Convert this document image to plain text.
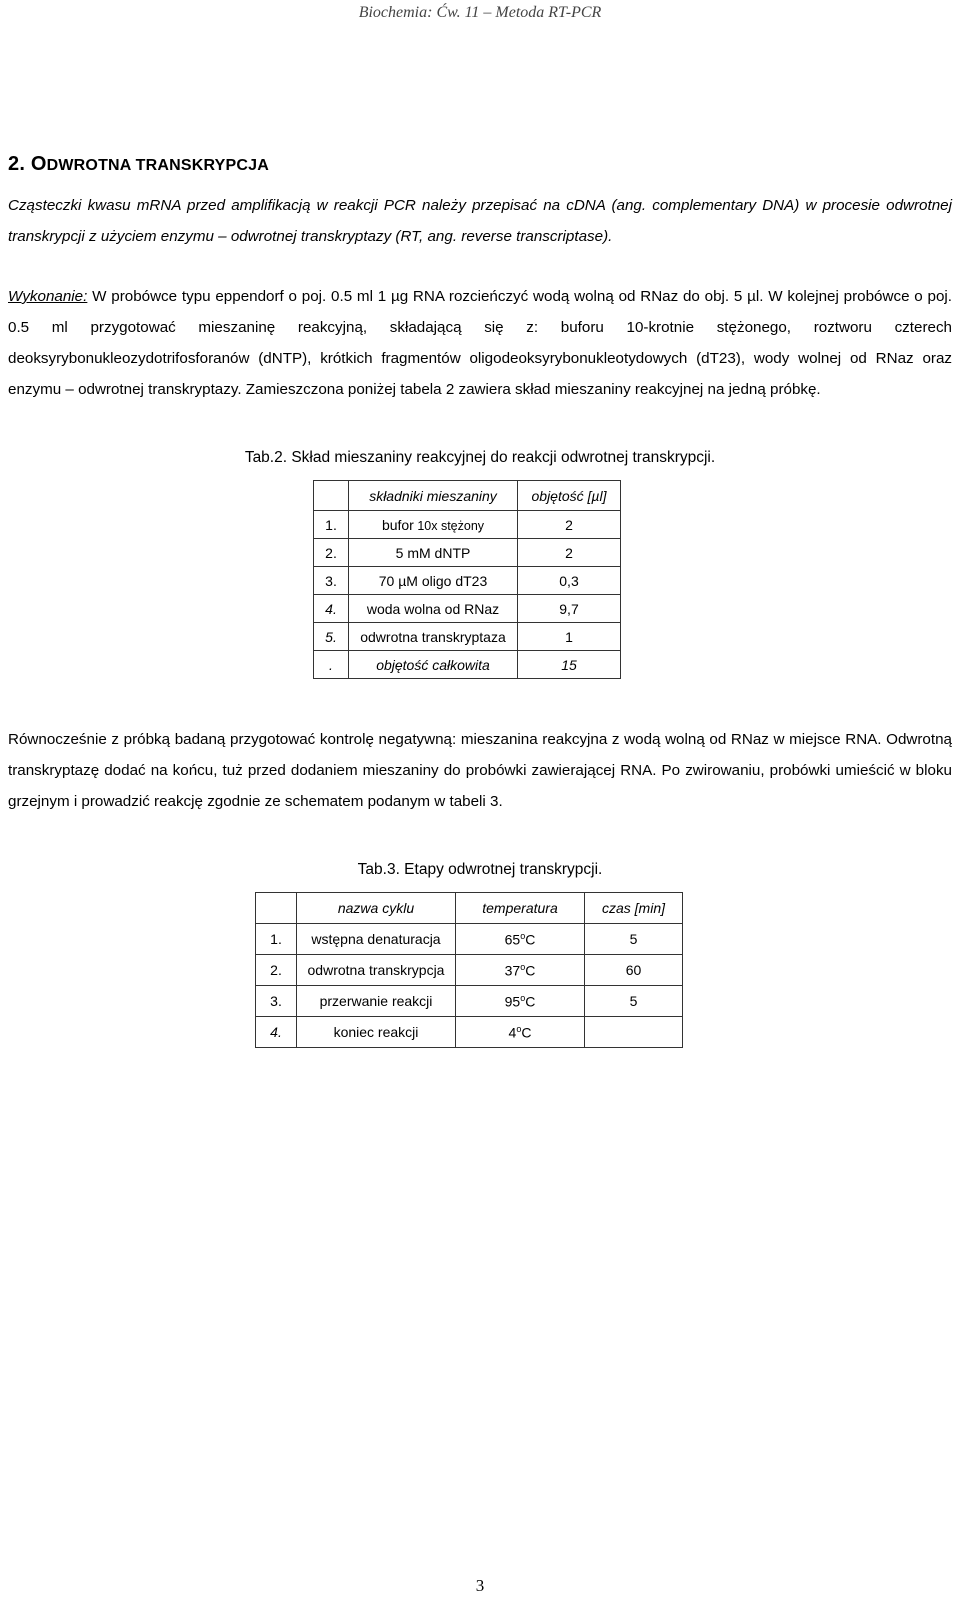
Biochemia: Ćw. 11 – Metoda RT-PCR
2. ODWROTNA TRANSKRYPCJA
Cząsteczki kwasu mRNA przed amplifikacją w reakcji PCR należy przepisać na cDNA (ang. complementary DNA) w procesie odwrotnej transkrypcji z użyciem enzymu – odwrotnej transkryptazy (RT, ang. reverse transcriptase).
Wykonanie: W probówce typu eppendorf o poj. 0.5 ml 1 µg RNA rozcieńczyć wodą wolną od RNaz do obj. 5 µl. W kolejnej probówce o poj. 0.5 ml przygotować mieszaninę reakcyjną, składającą się z: buforu 10-krotnie stężonego, roztworu czterech deoksyrybonukleozydotrifosforanów (dNTP), krótkich fragmentów oligodeoksyrybonukleotydowych (dT23), wody wolnej od RNaz oraz enzymu – odwrotnej transkryptazy. Zamieszczona poniżej tabela 2 zawiera skład mieszaniny reakcyjnej na jedną próbkę.
Tab.2. Skład mieszaniny reakcyjnej do reakcji odwrotnej transkrypcji.
	składniki mieszaniny	objętość [µl]
1.	bufor 10x stężony	2
2.	5 mM dNTP	2
3.	70 µM oligo dT23	0,3
4.	woda wolna od RNaz	9,7
5.	odwrotna transkryptaza	1
.	objętość całkowita	15
Równocześnie z próbką badaną przygotować kontrolę negatywną: mieszanina reakcyjna z wodą wolną od RNaz w miejsce RNA. Odwrotną transkryptazę dodać na końcu, tuż przed dodaniem mieszaniny do probówki zawierającej RNA. Po zwirowaniu, probówki umieścić w bloku grzejnym i prowadzić reakcję zgodnie ze schematem podanym w tabeli 3.
Tab.3. Etapy odwrotnej transkrypcji.
	nazwa cyklu	temperatura	czas [min]
1.	wstępna denaturacja	65$^o$C	5
2.	odwrotna transkrypcja	37$^o$C	60
3.	przerwanie reakcji	95$^o$C	5
4.	koniec reakcji	4$^o$C	
3
